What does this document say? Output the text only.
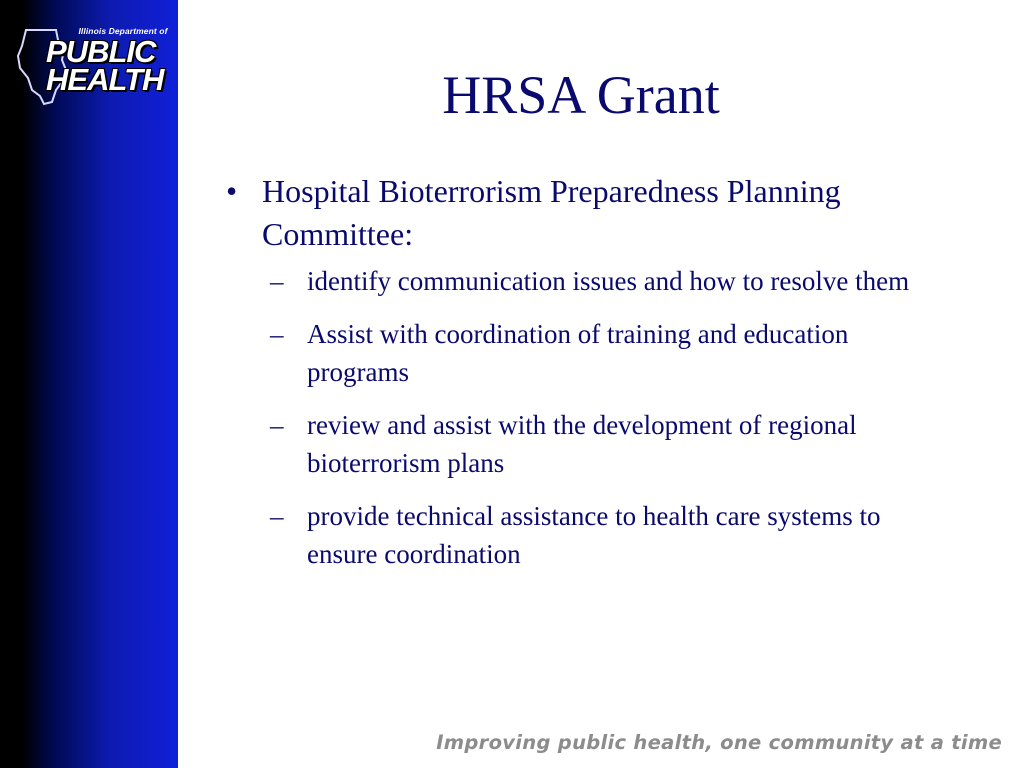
Illinois Department of
PUBLIC
HEALTH	HRSA Grant
• Hospital Bioterrorism Preparedness Planning Committee:
– identify communication issues and how to resolve them
– Assist with coordination of training and education programs
– review and assist with the development of regional bioterrorism plans
– provide technical assistance to health care systems to ensure coordination
Improving public health, one community at a time
